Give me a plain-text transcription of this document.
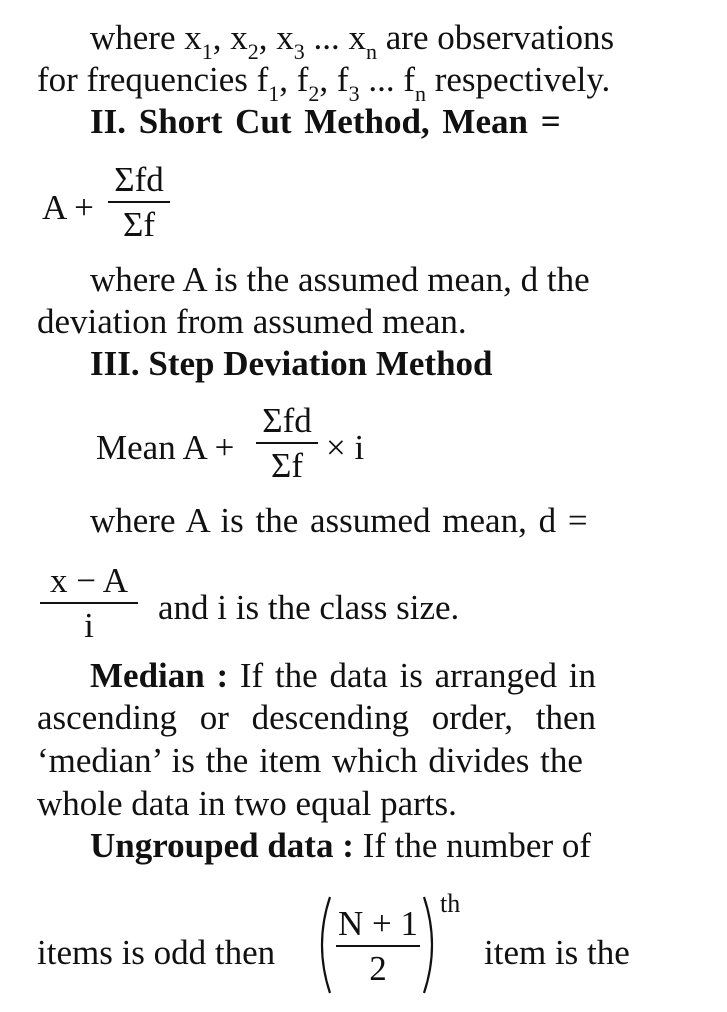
where $x_1$, $x_2$, $x_3$ ... $x_n$ are observations
for frequencies $f_1$, $f_2$, $f_3$ ... $f_n$ respectively.
II. Short Cut Method, Mean =
A +
Σfd
Σf
where A is the assumed mean, d the
deviation from assumed mean.
III. Step Deviation Method
Mean A +
Σfd
Σf × i
where A is the assumed mean, d =
x − A
i	and i is the class size.
Median : If the data is arranged in
ascending or descending order, then
‘median’ is the item which divides the
whole data in two equal parts.
Ungrouped data : If the number of
items is odd then
N + 1
2
th
item is the
